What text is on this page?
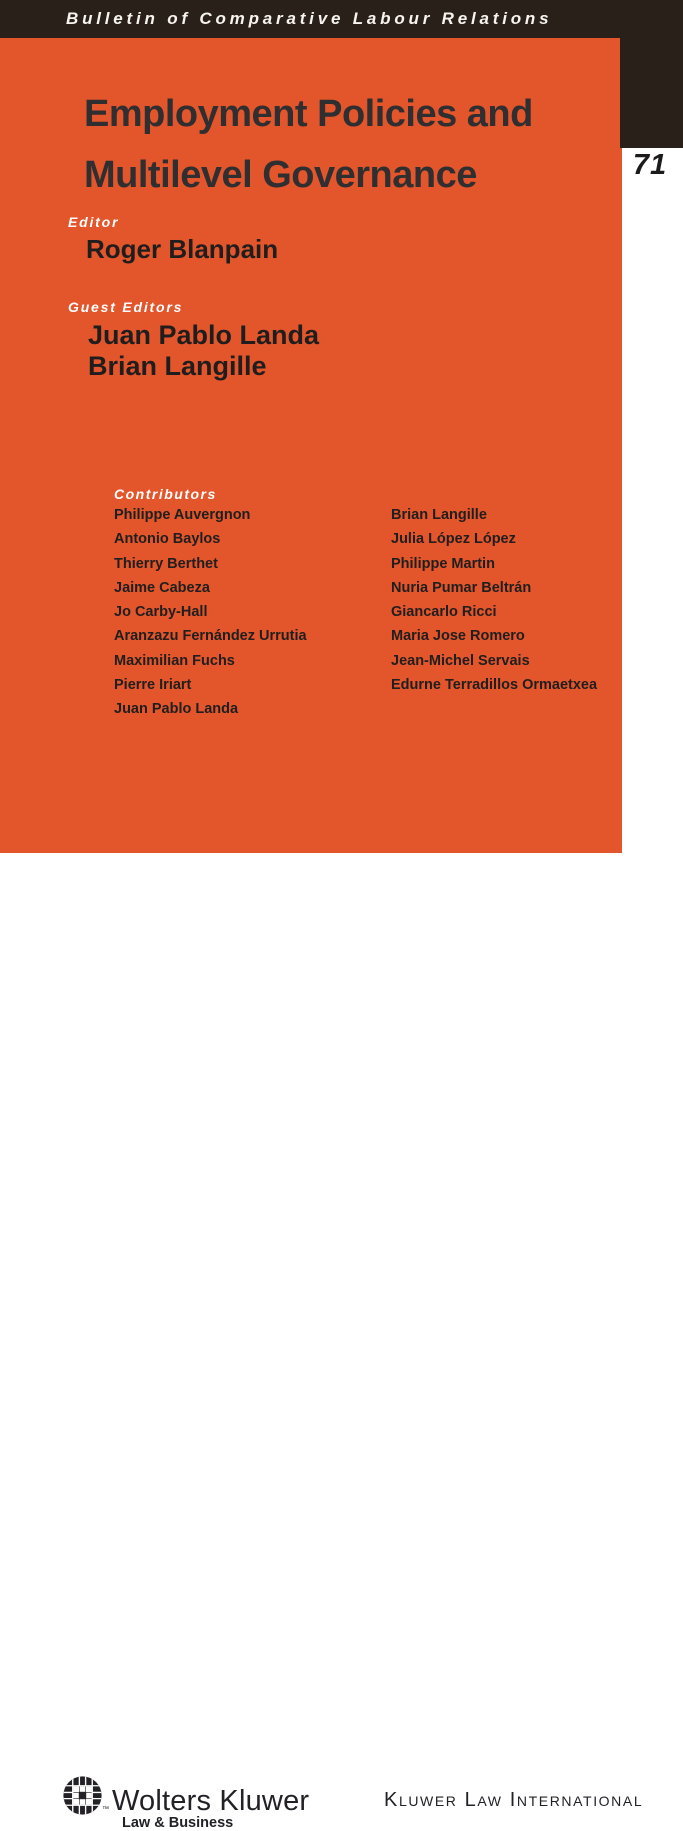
Bulletin of Comparative Labour Relations
71
Employment Policies and
Multilevel Governance
Editor
Roger Blanpain
Guest Editors
Juan Pablo Landa
Brian Langille
Contributors
Philippe Auvergnon
Antonio Baylos
Thierry Berthet
Jaime Cabeza
Jo Carby-Hall
Aranzazu Fernández Urrutia
Maximilian Fuchs
Pierre Iriart
Juan Pablo Landa
Brian Langille
Julia López López
Philippe Martin
Nuria Pumar Beltrán
Giancarlo Ricci
Maria Jose Romero
Jean-Michel Servais
Edurne Terradillos Ormaetxea
™ Wolters Kluwer
Law & Business
Kluwer Law International
